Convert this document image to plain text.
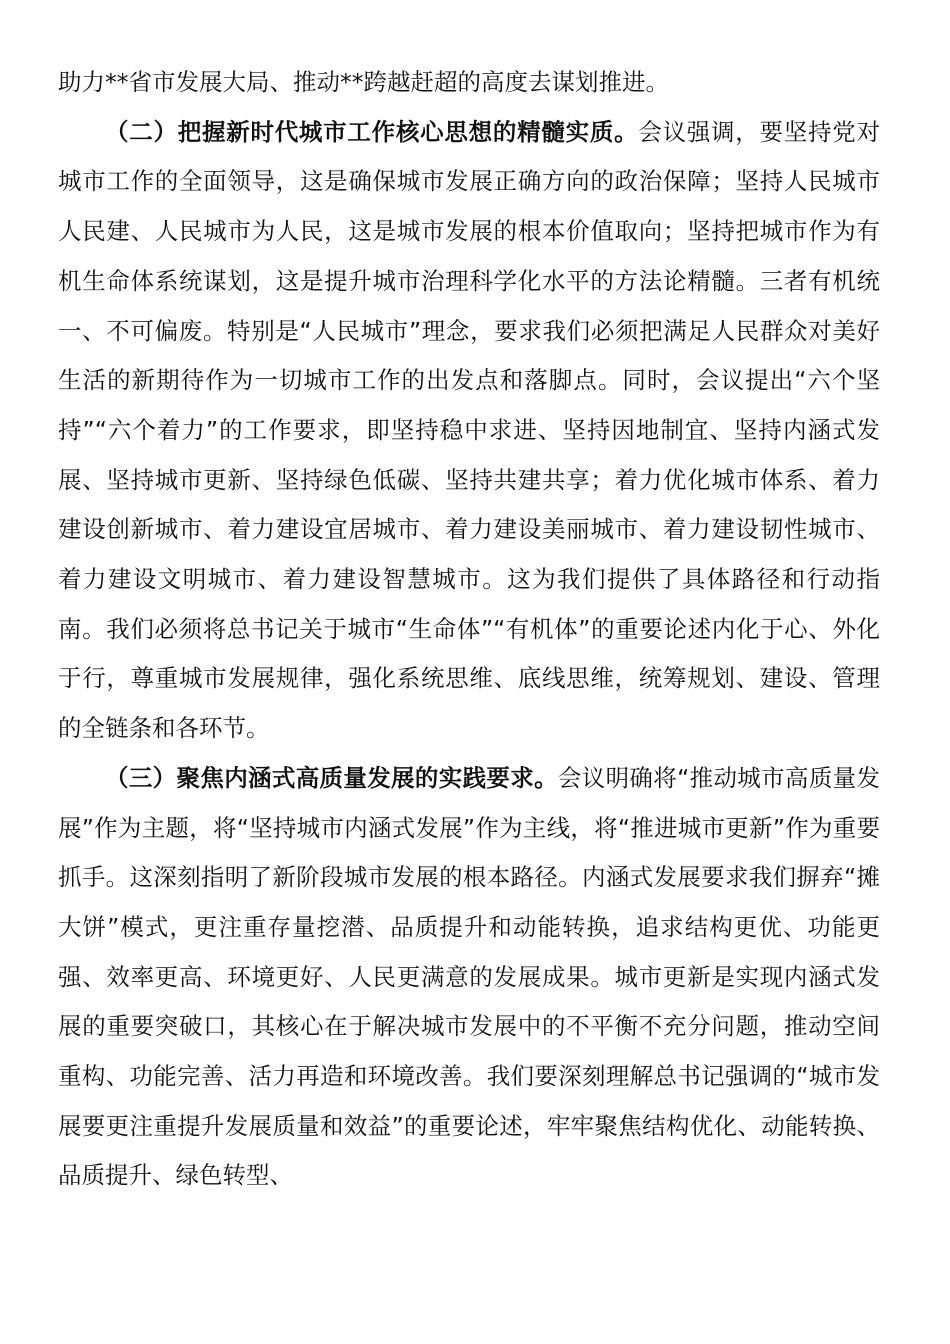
助力**省市发展大局、推动**跨越赶超的高度去谋划推进。

（二）把握新时代城市工作核心思想的精髓实质。会议强调，要坚持党对城市工作的全面领导，这是确保城市发展正确方向的政治保障；坚持人民城市人民建、人民城市为人民，这是城市发展的根本价值取向；坚持把城市作为有机生命体系统谋划，这是提升城市治理科学化水平的方法论精髓。三者有机统一、不可偏废。特别是“人民城市”理念，要求我们必须把满足人民群众对美好生活的新期待作为一切城市工作的出发点和落脚点。同时，会议提出“六个坚持”“六个着力”的工作要求，即坚持稳中求进、坚持因地制宜、坚持内涵式发展、坚持城市更新、坚持绿色低碳、坚持共建共享；着力优化城市体系、着力建设创新城市、着力建设宜居城市、着力建设美丽城市、着力建设韧性城市、着力建设文明城市、着力建设智慧城市。这为我们提供了具体路径和行动指南。我们必须将总书记关于城市“生命体”“有机体”的重要论述内化于心、外化于行，尊重城市发展规律，强化系统思维、底线思维，统筹规划、建设、管理的全链条和各环节。

（三）聚焦内涵式高质量发展的实践要求。会议明确将“推动城市高质量发展”作为主题，将“坚持城市内涵式发展”作为主线，将“推进城市更新”作为重要抓手。这深刻指明了新阶段城市发展的根本路径。内涵式发展要求我们摒弃“摊大饼”模式，更注重存量挖潜、品质提升和动能转换，追求结构更优、功能更强、效率更高、环境更好、人民更满意的发展成果。城市更新是实现内涵式发展的重要突破口，其核心在于解决城市发展中的不平衡不充分问题，推动空间重构、功能完善、活力再造和环境改善。我们要深刻理解总书记强调的“城市发展要更注重提升发展质量和效益”的重要论述，牢牢聚焦结构优化、动能转换、品质提升、绿色转型、
